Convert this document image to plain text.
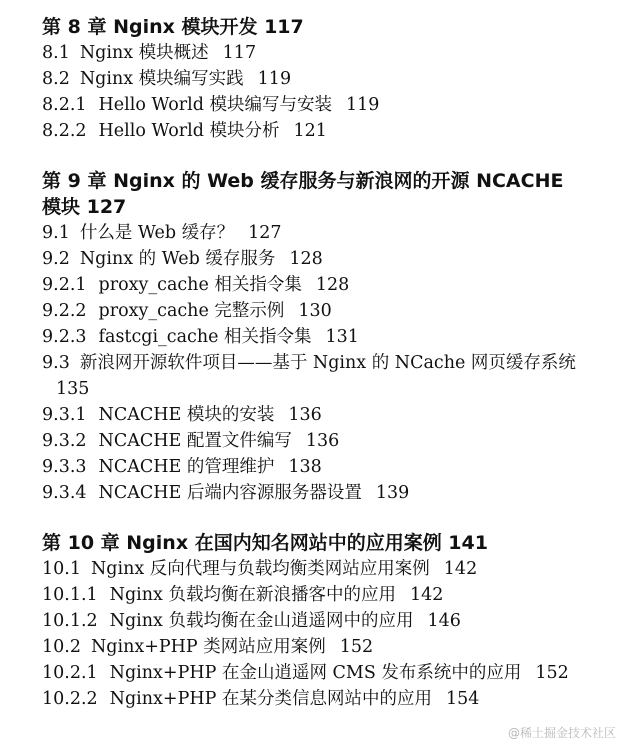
第 8 章 Nginx 模块开发 117
8.1 Nginx 模块概述 117
8.2 Nginx 模块编写实践 119
8.2.1 Hello World 模块编写与安装 119
8.2.2 Hello World 模块分析 121
第 9 章 Nginx 的 Web 缓存服务与新浪网的开源 NCACHE 模块 127
9.1 什么是 Web 缓存？ 127
9.2 Nginx 的 Web 缓存服务 128
9.2.1 proxy_cache 相关指令集 128
9.2.2 proxy_cache 完整示例 130
9.2.3 fastcgi_cache 相关指令集 131
9.3 新浪网开源软件项目——基于 Nginx 的 NCache 网页缓存系统135
9.3.1 NCACHE 模块的安装 136
9.3.2 NCACHE 配置文件编写 136
9.3.3 NCACHE 的管理维护 138
9.3.4 NCACHE 后端内容源服务器设置 139
第 10 章 Nginx 在国内知名网站中的应用案例 141
10.1 Nginx 反向代理与负载均衡类网站应用案例 142
10.1.1 Nginx 负载均衡在新浪播客中的应用 142
10.1.2 Nginx 负载均衡在金山逍遥网中的应用 146
10.2 Nginx+PHP 类网站应用案例 152
10.2.1 Nginx+PHP 在金山逍遥网 CMS 发布系统中的应用 152
10.2.2 Nginx+PHP 在某分类信息网站中的应用 154
@稀土掘金技术社区
